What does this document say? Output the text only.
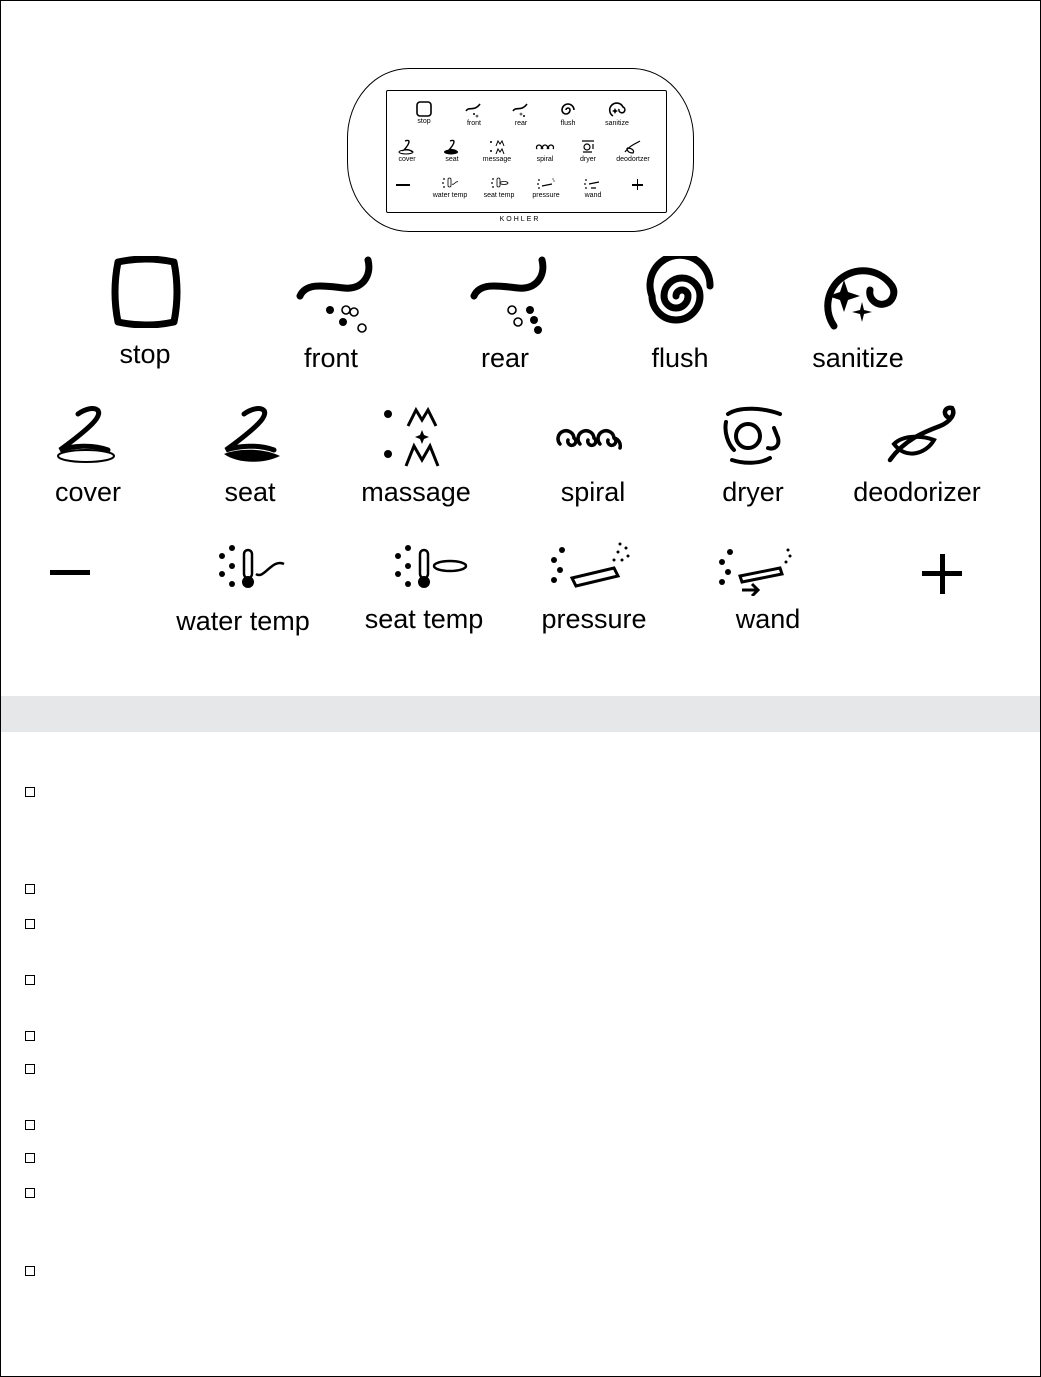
stop	front	rear	flush	sanitize
cover	seat	message	spiral	dryer	deodortzer
water temp	seat temp	pressure	wand
KOHLER
stop	front	rear	flush	sanitize
cover	seat	massage	spiral	dryer	deodorizer
water temp	seat temp	pressure	wand
